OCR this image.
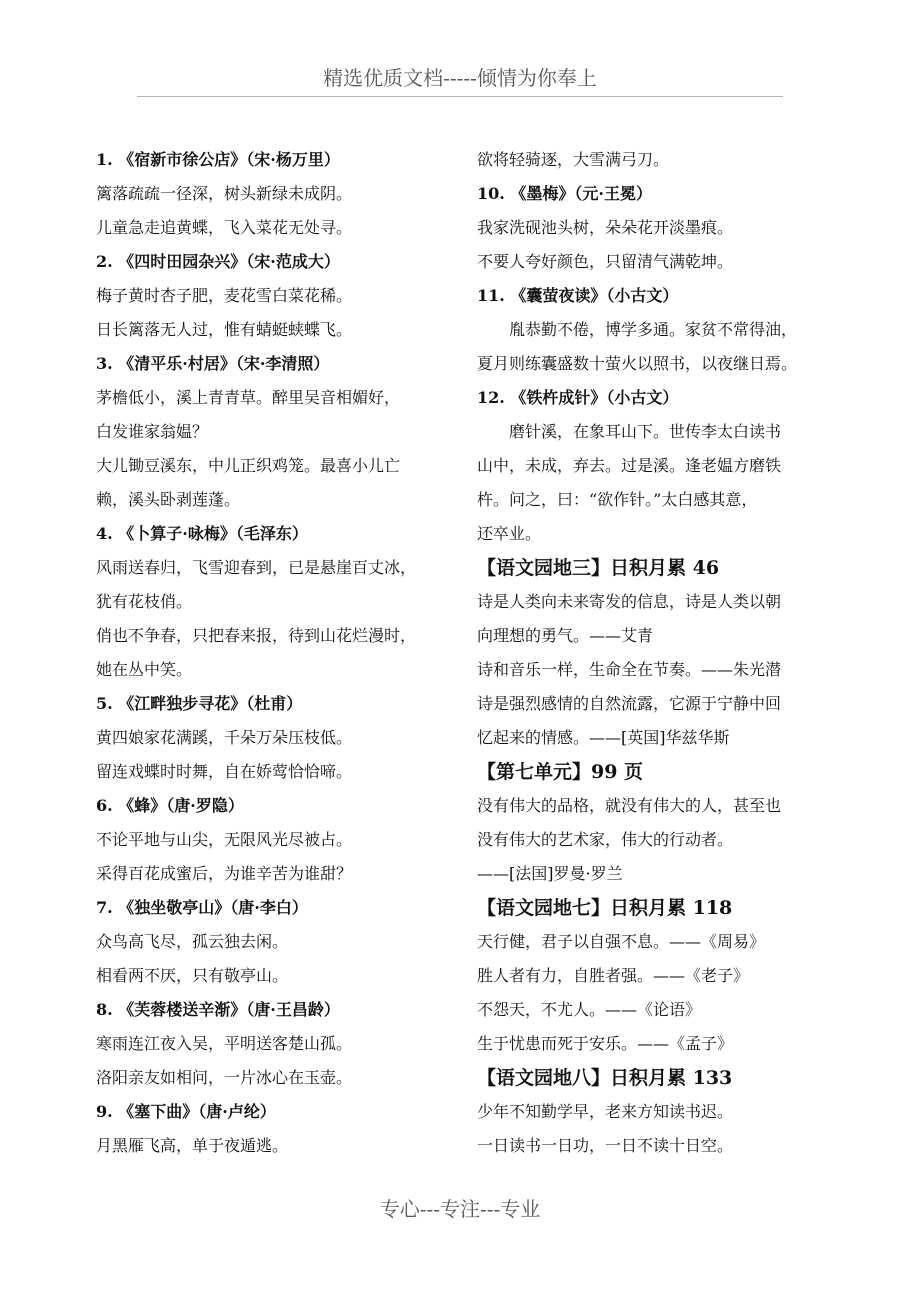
精选优质文档-----倾情为你奉上
1. 《宿新市徐公店》（宋·杨万里）
篱落疏疏一径深，树头新绿未成阴。
儿童急走追黄蝶，飞入菜花无处寻。
2. 《四时田园杂兴》（宋·范成大）
梅子黄时杏子肥，麦花雪白菜花稀。
日长篱落无人过，惟有蜻蜓蛱蝶飞。
3. 《清平乐·村居》（宋·李清照）
茅檐低小，溪上青青草。醉里吴音相媚好，
白发谁家翁媪？
大儿锄豆溪东，中儿正织鸡笼。最喜小儿亡
赖，溪头卧剥莲蓬。
4. 《卜算子·咏梅》（毛泽东）
风雨送春归，飞雪迎春到，已是悬崖百丈冰，
犹有花枝俏。
俏也不争春，只把春来报，待到山花烂漫时，
她在丛中笑。
5. 《江畔独步寻花》（杜甫）
黄四娘家花满蹊，千朵万朵压枝低。
留连戏蝶时时舞，自在娇莺恰恰啼。
6. 《蜂》（唐·罗隐）
不论平地与山尖，无限风光尽被占。
采得百花成蜜后，为谁辛苦为谁甜？
7. 《独坐敬亭山》（唐·李白）
众鸟高飞尽，孤云独去闲。
相看两不厌，只有敬亭山。
8. 《芙蓉楼送辛渐》（唐·王昌龄）
寒雨连江夜入吴，平明送客楚山孤。
洛阳亲友如相问，一片冰心在玉壶。
9. 《塞下曲》（唐·卢纶）
月黑雁飞高，单于夜遁逃。
欲将轻骑逐，大雪满弓刀。
10. 《墨梅》（元·王冕）
我家洗砚池头树，朵朵花开淡墨痕。
不要人夸好颜色，只留清气满乾坤。
11. 《囊萤夜读》（小古文）
胤恭勤不倦，博学多通。家贫不常得油，
夏月则练囊盛数十萤火以照书，以夜继日焉。
12. 《铁杵成针》（小古文）
磨针溪，在象耳山下。世传李太白读书
山中，未成，弃去。过是溪。逢老媪方磨铁
杵。问之，曰：“欲作针。”太白感其意，
还卒业。
【语文园地三】日积月累 46
诗是人类向未来寄发的信息，诗是人类以朝
向理想的勇气。——艾青
诗和音乐一样，生命全在节奏。——朱光潜
诗是强烈感情的自然流露，它源于宁静中回
忆起来的情感。——[英国]华兹华斯
【第七单元】99 页
没有伟大的品格，就没有伟大的人，甚至也
没有伟大的艺术家，伟大的行动者。
——[法国]罗曼·罗兰
【语文园地七】日积月累 118
天行健，君子以自强不息。——《周易》
胜人者有力，自胜者强。——《老子》
不怨天，不尤人。——《论语》
生于忧患而死于安乐。——《孟子》
【语文园地八】日积月累 133
少年不知勤学早，老来方知读书迟。
一日读书一日功，一日不读十日空。
专心---专注---专业
